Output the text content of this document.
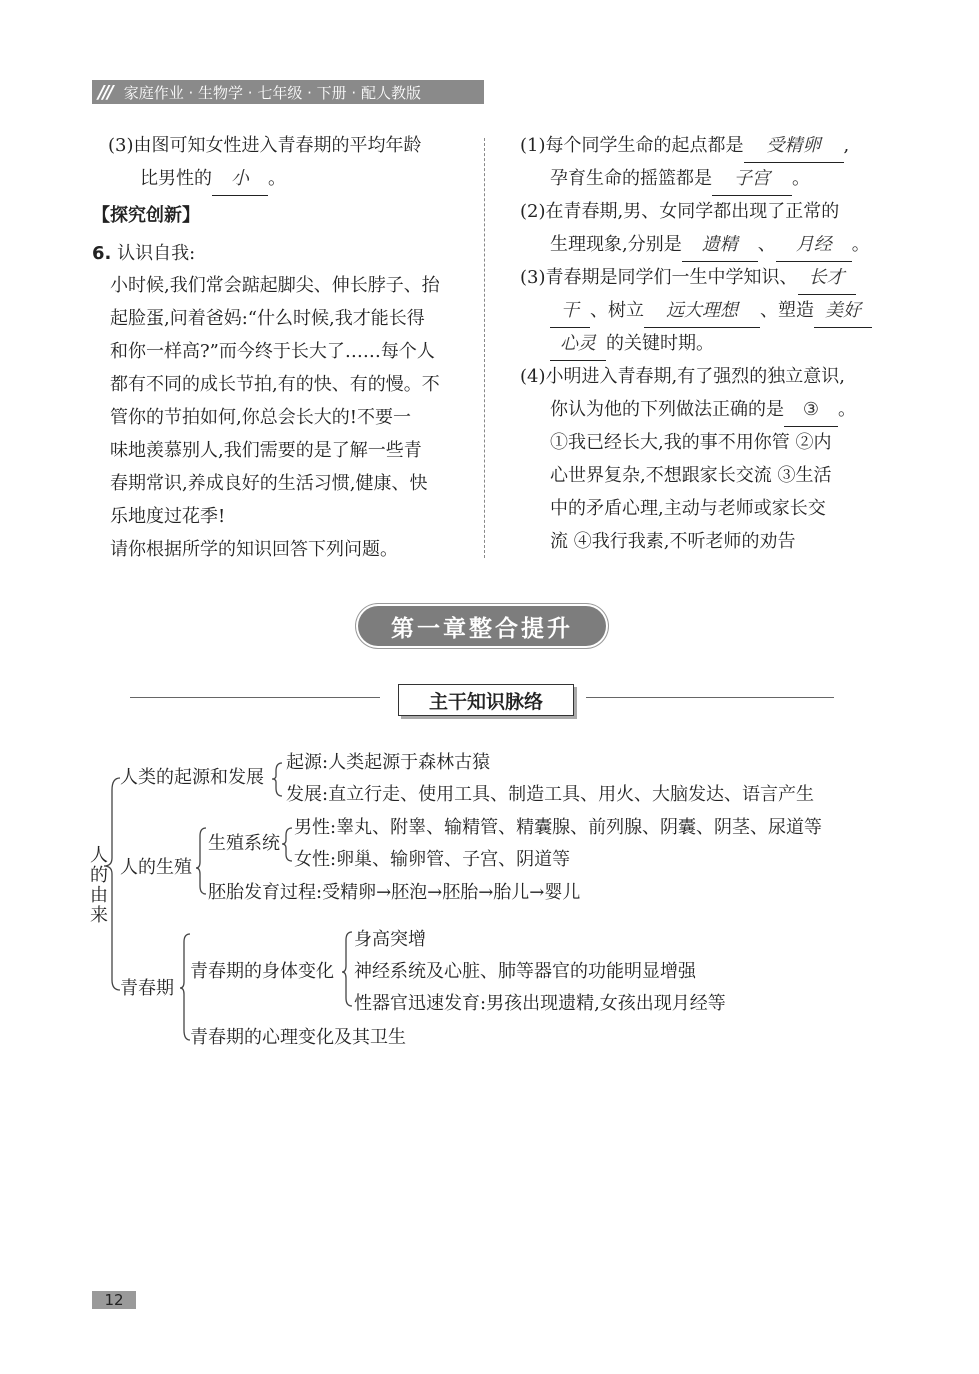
/// 家庭作业 · 生物学 · 七年级 · 下册 · 配人教版
(3)由图可知女性进入青春期的平均年龄
比男性的 小 。
【探究创新】
6. 认识自我:
小时候,我们常会踮起脚尖、伸长脖子、抬
起脸蛋,问着爸妈:“什么时候,我才能长得
和你一样高?”而今终于长大了……每个人
都有不同的成长节拍,有的快、有的慢。不
管你的节拍如何,你总会长大的!不要一
味地羡慕别人,我们需要的是了解一些青
春期常识,养成良好的生活习惯,健康、快
乐地度过花季!
请你根据所学的知识回答下列问题。
(1)每个同学生命的起点都是 受精卵 ,
孕育生命的摇篮都是 子宫 。
(2)在青春期,男、女同学都出现了正常的
生理现象,分别是 遗精 、 月经 。
(3)青春期是同学们一生中学知识、 长才
干 、树立 远大理想 、塑造 美好
心灵 的关键时期。
(4)小明进入青春期,有了强烈的独立意识,
你认为他的下列做法正确的是 ③ 。
①我已经长大,我的事不用你管 ②内
心世界复杂,不想跟家长交流 ③生活
中的矛盾心理,主动与老师或家长交
流 ④我行我素,不听老师的劝告
第一章整合提升
主干知识脉络
人的由来
人类的起源和发展
起源:人类起源于森林古猿
发展:直立行走、使用工具、制造工具、用火、大脑发达、语言产生
人的生殖
生殖系统
男性:睾丸、附睾、输精管、精囊腺、前列腺、阴囊、阴茎、尿道等
女性:卵巢、输卵管、子宫、阴道等
胚胎发育过程:受精卵→胚泡→胚胎→胎儿→婴儿
青春期
青春期的身体变化
身高突增
神经系统及心脏、肺等器官的功能明显增强
性器官迅速发育:男孩出现遗精,女孩出现月经等
青春期的心理变化及其卫生
12
